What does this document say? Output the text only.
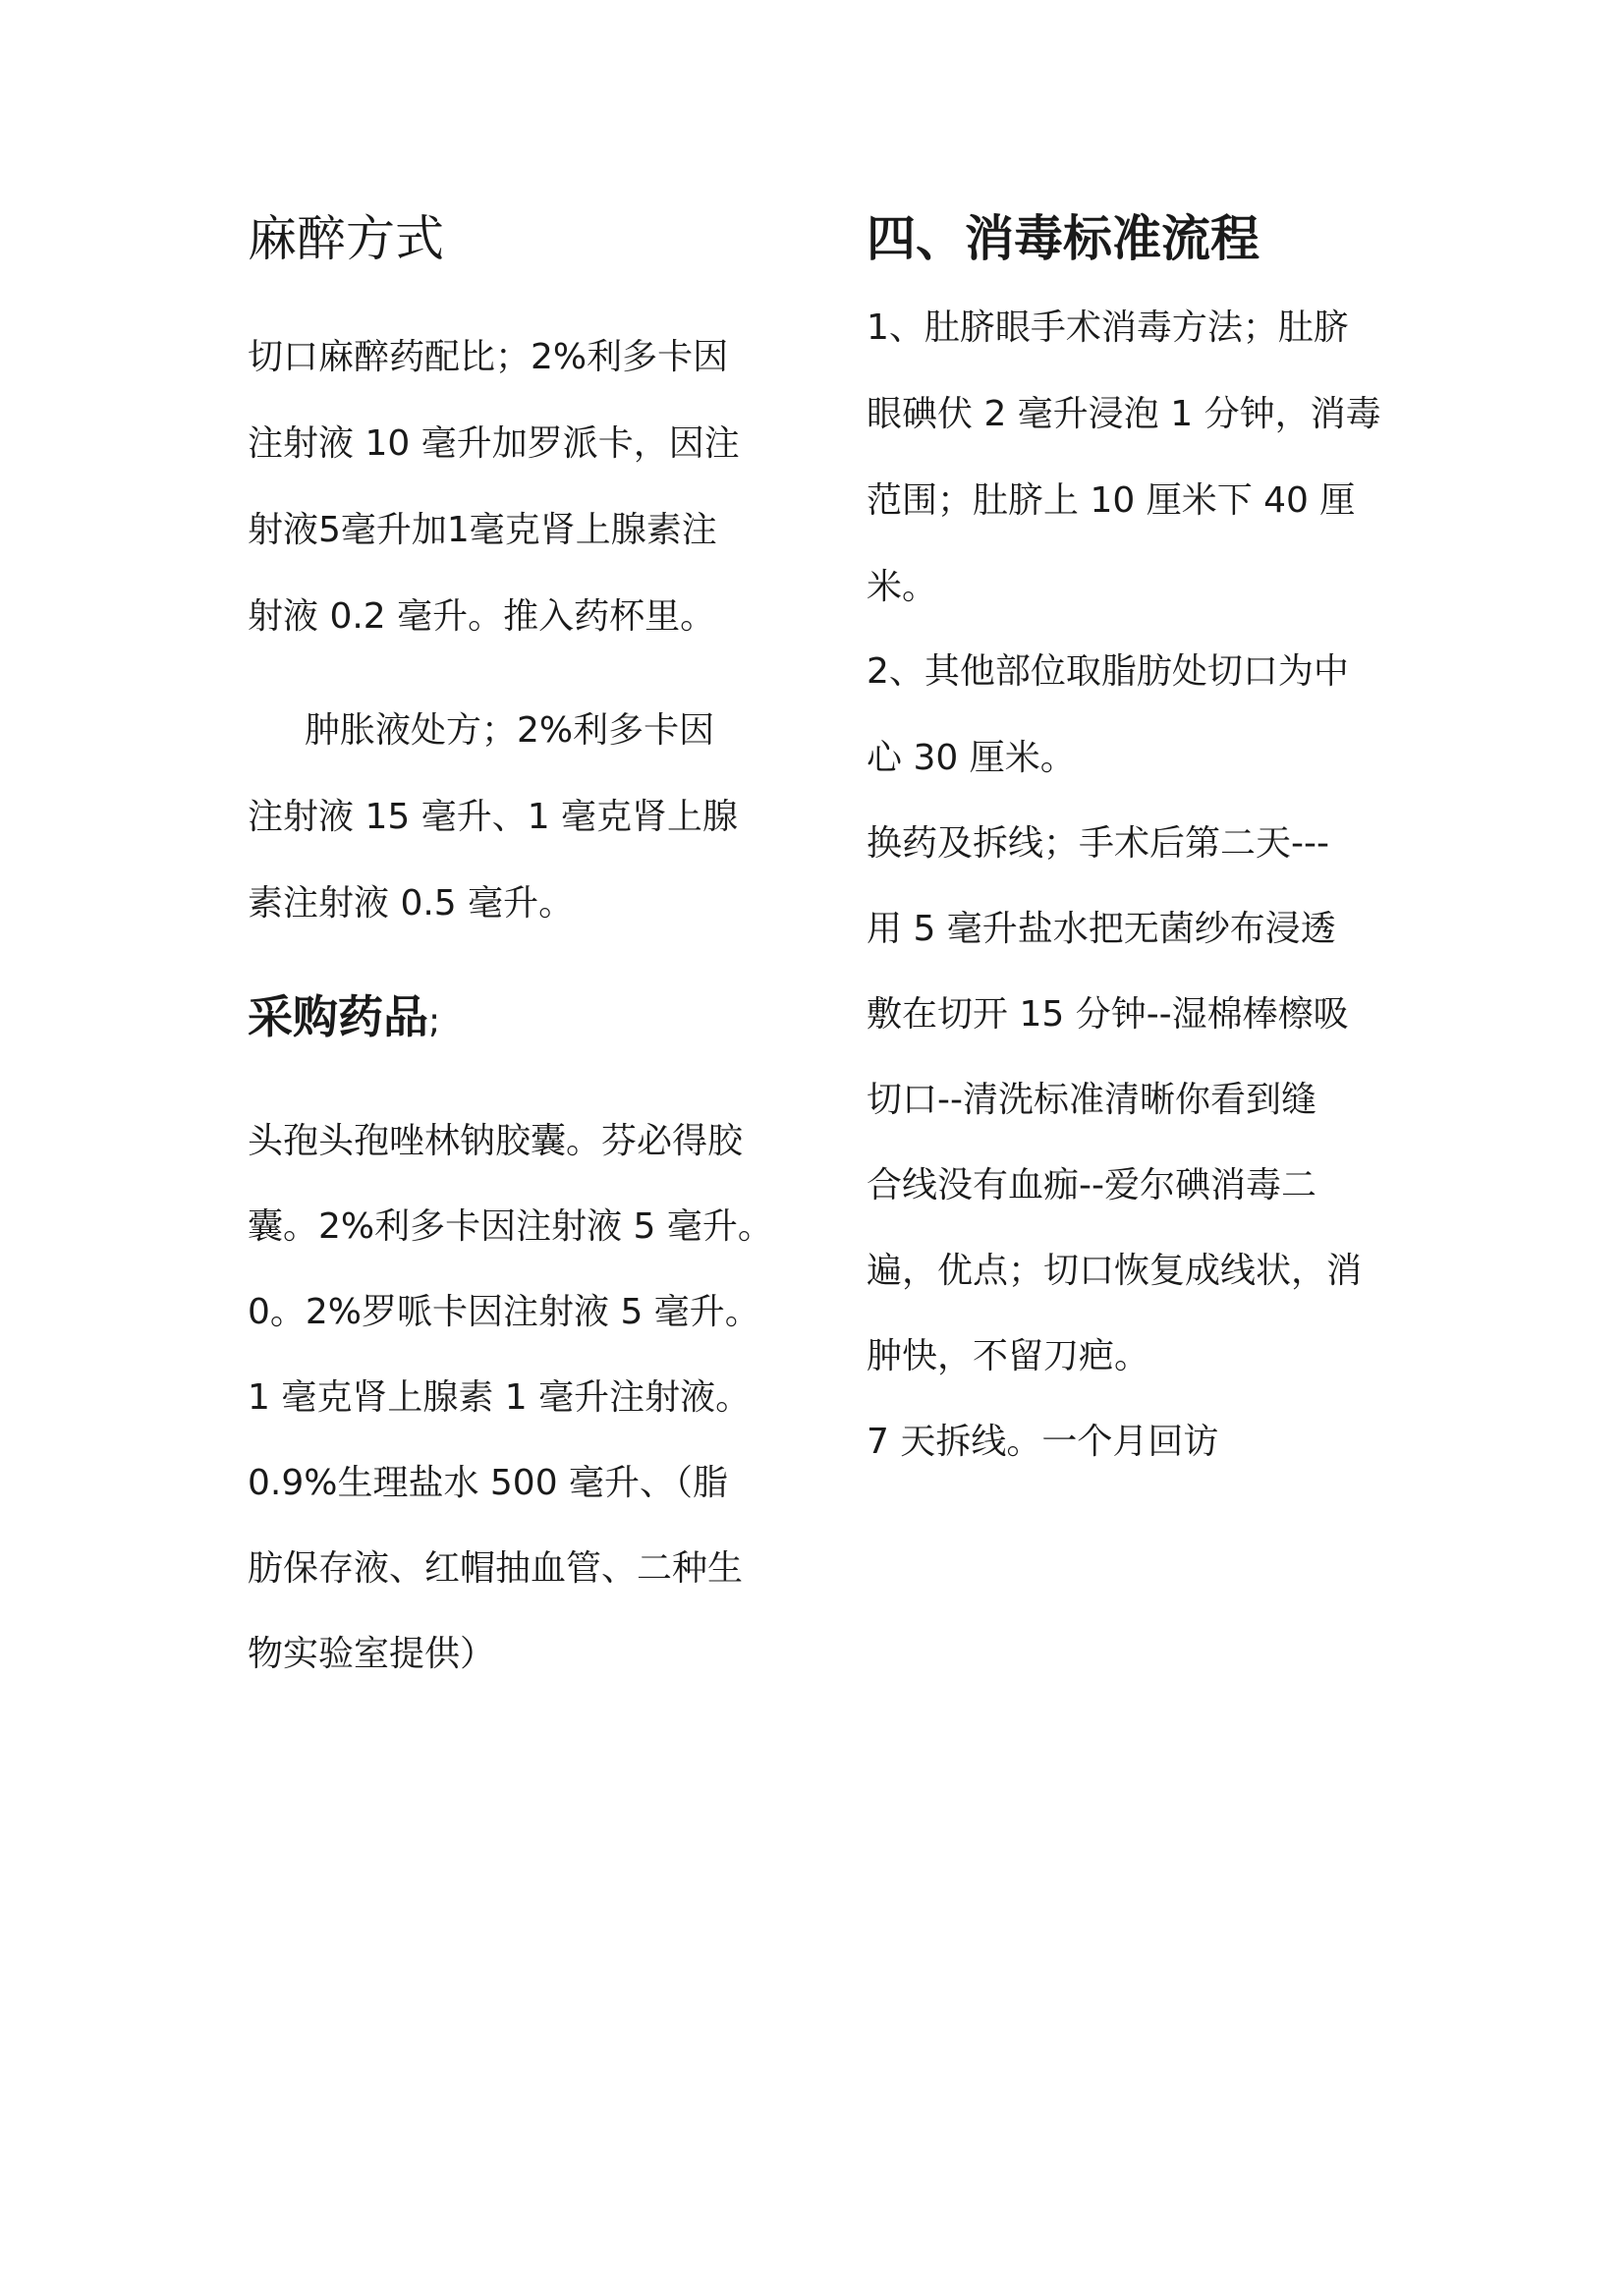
麻醉方式
切口麻醉药配比；2%利多卡因
注射液 10 毫升加罗派卡，因注
射液5毫升加1毫克肾上腺素注
射液 0.2 毫升。推入药杯里。
肿胀液处方；2%利多卡因
注射液 15 毫升、1 毫克肾上腺
素注射液 0.5 毫升。
采购药品;
头孢头孢唑林钠胶囊。芬必得胶
囊。2%利多卡因注射液 5 毫升。
0。2%罗哌卡因注射液 5 毫升。
1 毫克肾上腺素 1 毫升注射液。
0.9%生理盐水 500 毫升、（脂
肪保存液、红帽抽血管、二种生
物实验室提供）
四、消毒标准流程
1、肚脐眼手术消毒方法；肚脐
眼碘伏 2 毫升浸泡 1 分钟，消毒
范围；肚脐上 10 厘米下 40 厘
米。
2、其他部位取脂肪处切口为中
心 30 厘米。
换药及拆线；手术后第二天---
用 5 毫升盐水把无菌纱布浸透
敷在切开 15 分钟--湿棉棒檫吸
切口--清洗标准清晰你看到缝
合线没有血痂--爱尔碘消毒二
遍，优点；切口恢复成线状，消
肿快，不留刀疤。
7 天拆线。一个月回访
